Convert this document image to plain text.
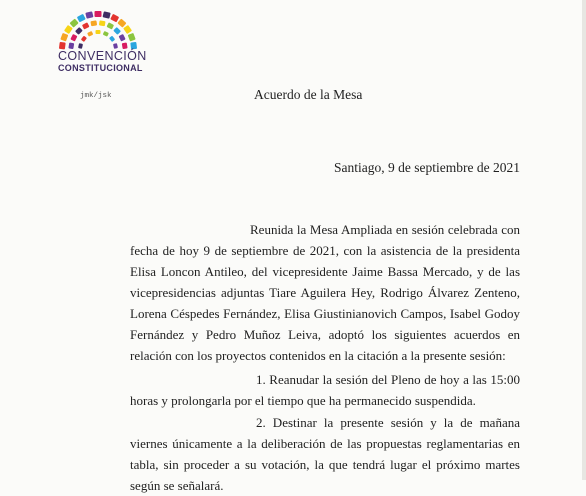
CONVENCIÓN
CONSTITUCIONAL
jmk/jsk	Acuerdo de la Mesa
Santiago, 9 de septiembre de 2021
Reunida la Mesa Ampliada en sesión celebrada con fecha de hoy 9 de septiembre de 2021, con la asistencia de la presidenta Elisa Loncon Antileo, del vicepresidente Jaime Bassa Mercado, y de las vicepresidencias adjuntas Tiare Aguilera Hey, Rodrigo Álvarez Zenteno, Lorena Céspedes Fernández, Elisa Giustinianovich Campos, Isabel Godoy Fernández y Pedro Muñoz Leiva, adoptó los siguientes acuerdos en relación con los proyectos contenidos en la citación a la presente sesión:
1. Reanudar la sesión del Pleno de hoy a las 15:00 horas y prolongarla por el tiempo que ha permanecido suspendida.
2. Destinar la presente sesión y la de mañana viernes únicamente a la deliberación de las propuestas reglamentarias en tabla, sin proceder a su votación, la que tendrá lugar el próximo martes según se señalará.
